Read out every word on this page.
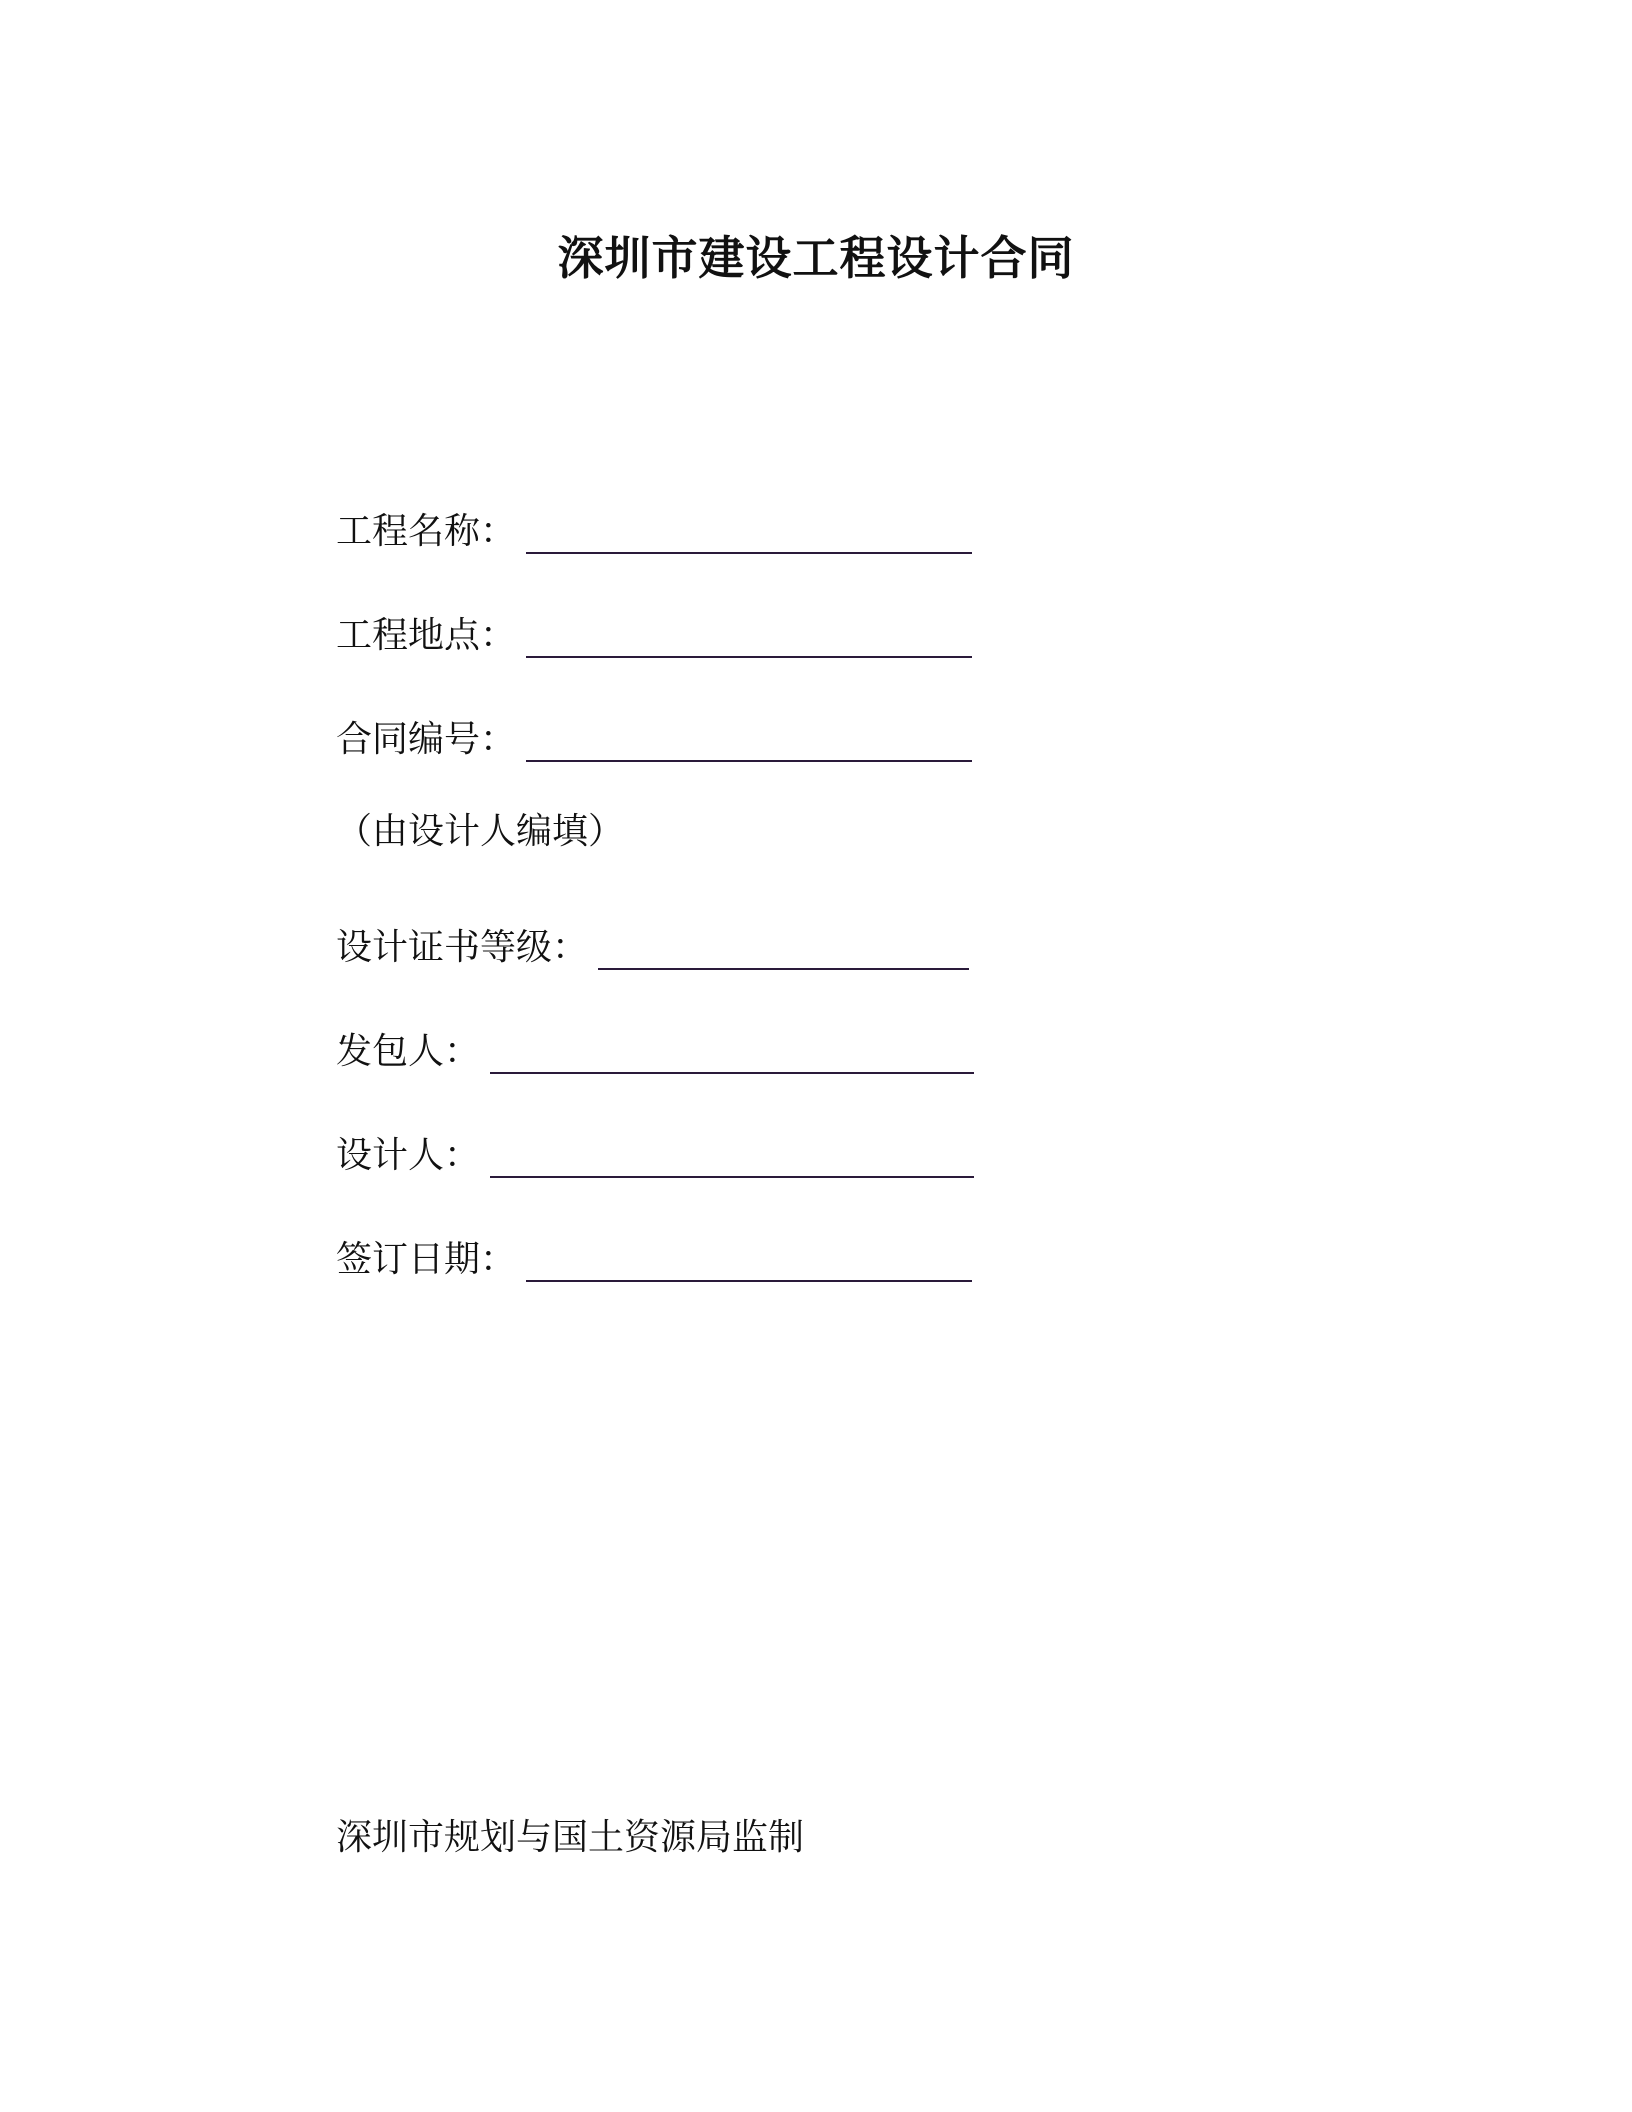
深圳市建设工程设计合同
工程名称：
工程地点：
合同编号：
（由设计人编填）
设计证书等级：
发包人：
设计人：
签订日期：
深圳市规划与国土资源局监制
